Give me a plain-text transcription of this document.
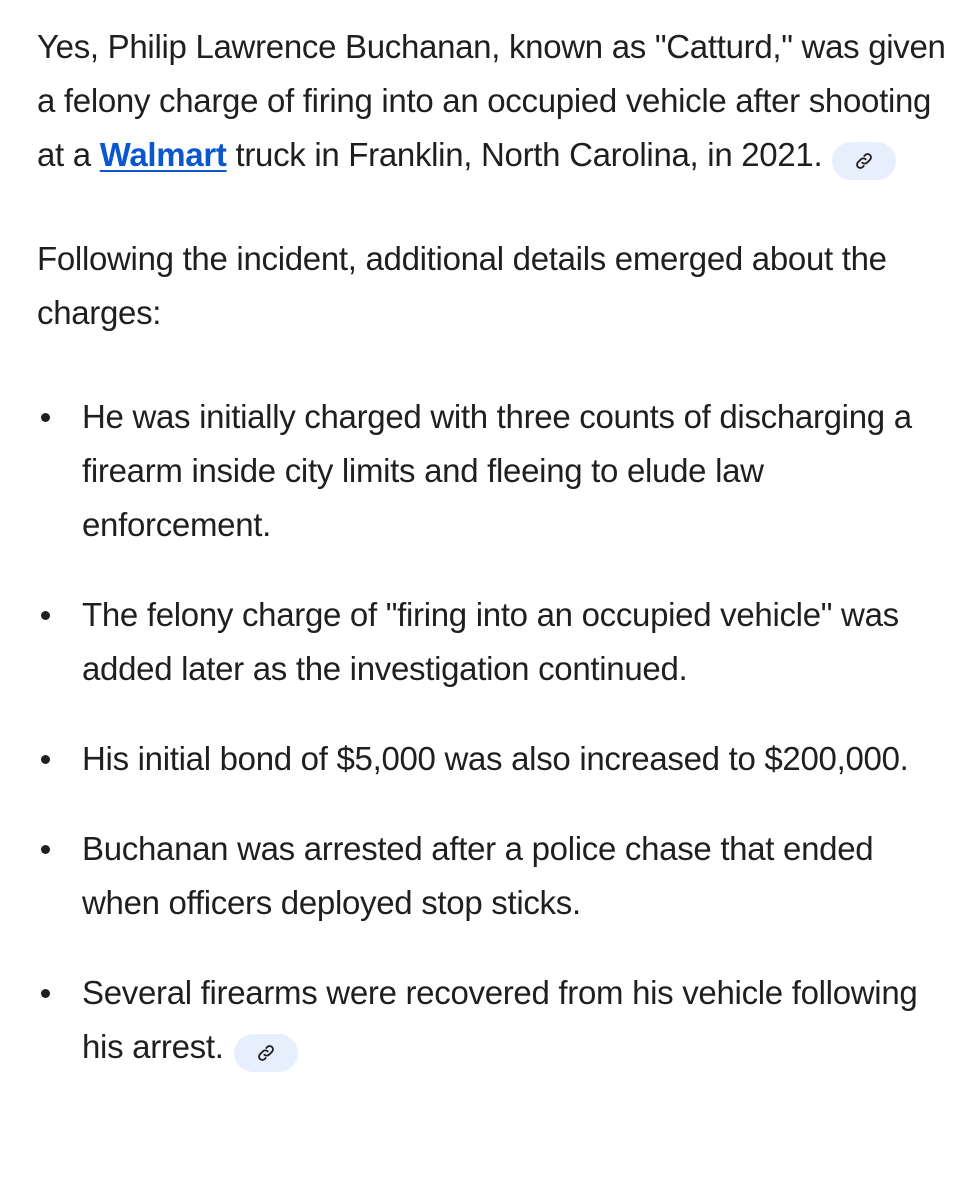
Yes, Philip Lawrence Buchanan, known as "Catturd," was given a felony charge of firing into an occupied vehicle after shooting at a Walmart truck in Franklin, North Carolina, in 2021.

Following the incident, additional details emerged about the charges:

He was initially charged with three counts of discharging a firearm inside city limits and fleeing to elude law enforcement.
The felony charge of "firing into an occupied vehicle" was added later as the investigation continued.
His initial bond of $5,000 was also increased to $200,000.
Buchanan was arrested after a police chase that ended when officers deployed stop sticks.
Several firearms were recovered from his vehicle following his arrest.
